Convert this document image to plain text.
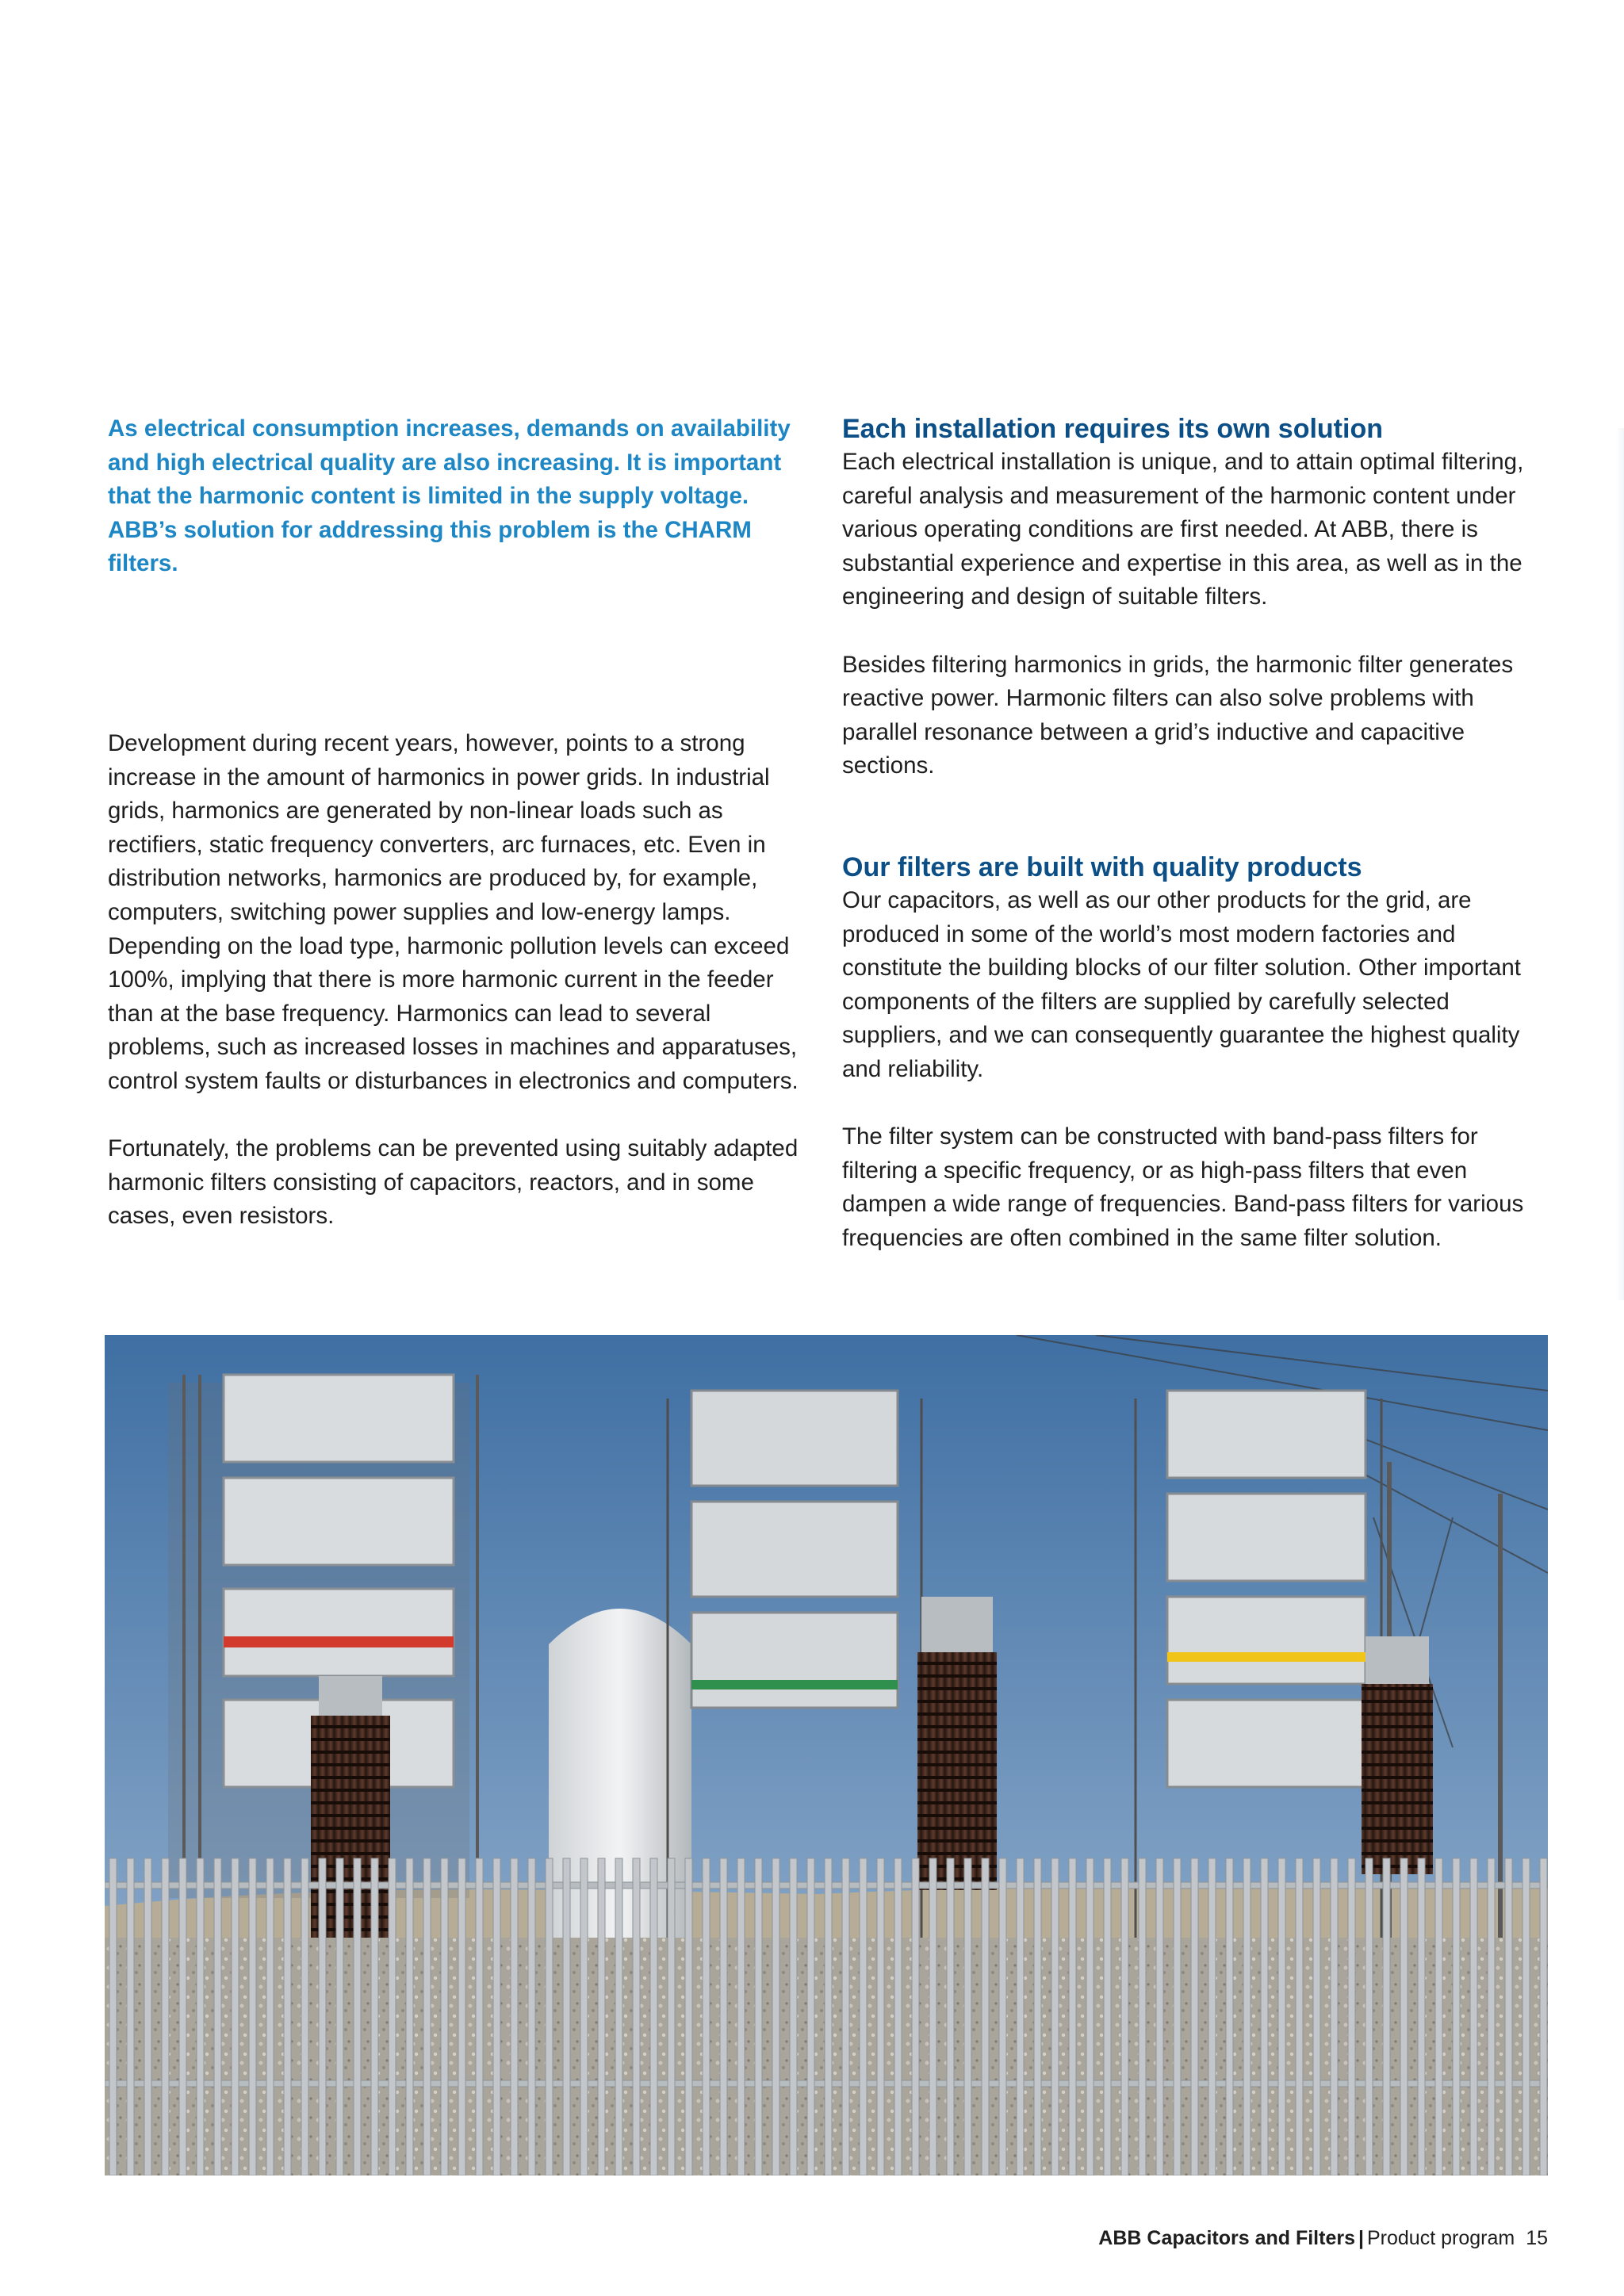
As electrical consumption increases, demands on availability and high electrical quality are also increasing. It is important that the harmonic content is limited in the supply voltage. ABB’s solution for addressing this problem is the CHARM filters.

Development during recent years, however, points to a strong increase in the amount of harmonics in power grids. In industrial grids, harmonics are generated by non-linear loads such as rectifiers, static frequency converters, arc furnaces, etc. Even in distribution networks, harmonics are produced by, for example, computers, switching power supplies and low-energy lamps. Depending on the load type, harmonic pollution levels can exceed 100%, implying that there is more harmonic current in the feeder than at the base frequency. Harmonics can lead to several problems, such as increased losses in machines and apparatuses, control system faults or disturbances in electronics and computers.

Fortunately, the problems can be prevented using suitably adapted harmonic filters consisting of capacitors, reactors, and in some cases, even resistors.

Each installation requires its own solution

Each electrical installation is unique, and to attain optimal filtering, careful analysis and measurement of the harmonic content under various operating conditions are first needed. At ABB, there is substantial experience and expertise in this area, as well as in the engineering and design of suitable filters.

Besides filtering harmonics in grids, the harmonic filter generates reactive power. Harmonic filters can also solve problems with parallel resonance between a grid’s inductive and capacitive sections.

Our filters are built with quality products

Our capacitors, as well as our other products for the grid, are produced in some of the world’s most modern factories and constitute the building blocks of our filter solution. Other important components of the filters are supplied by carefully selected suppliers, and we can consequently guarantee the highest quality and reliability.

The filter system can be constructed with band-pass filters for filtering a specific frequency, or as high-pass filters that even dampen a wide range of frequencies. Band-pass filters for various frequencies are often combined in the same filter solution.

ABB Capacitors and Filters | Product program 15
